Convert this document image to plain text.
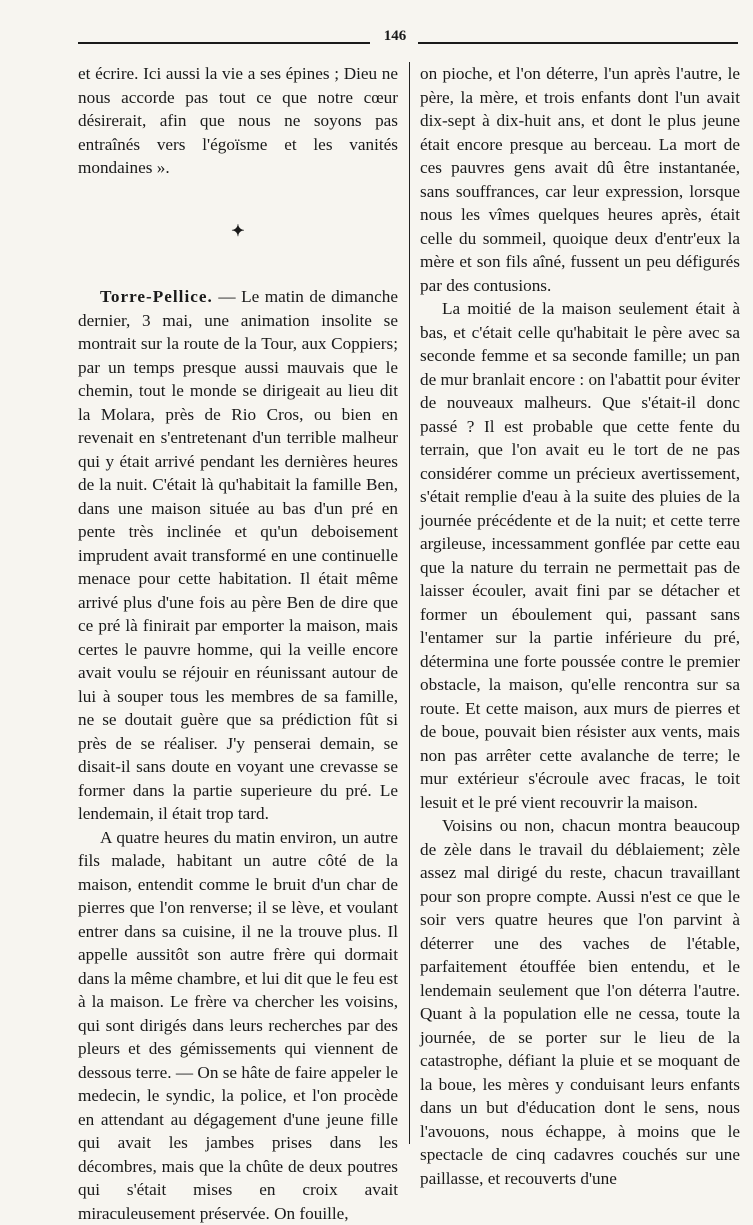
146

et écrire. Ici aussi la vie a ses épines ; Dieu ne nous accorde pas tout ce que notre cœur désirerait, afin que nous ne soyons pas entraînés vers l'égoïsme et les vanités mondaines ».

✦

Torre-Pellice. — Le matin de dimanche dernier, 3 mai, une animation insolite se montrait sur la route de la Tour, aux Coppiers; par un temps presque aussi mauvais que le chemin, tout le monde se dirigeait au lieu dit la Molara, près de Rio Cros, ou bien en revenait en s'entretenant d'un terrible malheur qui y était arrivé pendant les dernières heures de la nuit. C'était là qu'habitait la famille Ben, dans une maison située au bas d'un pré en pente très inclinée et qu'un deboisement imprudent avait transformé en une continuelle menace pour cette habitation. Il était même arrivé plus d'une fois au père Ben de dire que ce pré là finirait par emporter la maison, mais certes le pauvre homme, qui la veille encore avait voulu se réjouir en réunissant autour de lui à souper tous les membres de sa famille, ne se doutait guère que sa prédiction fût si près de se réaliser. J'y penserai demain, se disait-il sans doute en voyant une crevasse se former dans la partie superieure du pré. Le lendemain, il était trop tard.

A quatre heures du matin environ, un autre fils malade, habitant un autre côté de la maison, entendit comme le bruit d'un char de pierres que l'on renverse; il se lève, et voulant entrer dans sa cuisine, il ne la trouve plus. Il appelle aussitôt son autre frère qui dormait dans la même chambre, et lui dit que le feu est à la maison. Le frère va chercher les voisins, qui sont dirigés dans leurs recherches par des pleurs et des gémissements qui viennent de dessous terre. — On se hâte de faire appeler le medecin, le syndic, la police, et l'on procède en attendant au dégagement d'une jeune fille qui avait les jambes prises dans les décombres, mais que la chûte de deux poutres qui s'était mises en croix avait miraculeusement préservée. On fouille,

on pioche, et l'on déterre, l'un après l'autre, le père, la mère, et trois enfants dont l'un avait dix-sept à dix-huit ans, et dont le plus jeune était encore presque au berceau. La mort de ces pauvres gens avait dû être instantanée, sans souffrances, car leur expression, lorsque nous les vîmes quelques heures après, était celle du sommeil, quoique deux d'entr'eux la mère et son fils aîné, fussent un peu défigurés par des contusions.

La moitié de la maison seulement était à bas, et c'était celle qu'habitait le père avec sa seconde femme et sa seconde famille; un pan de mur branlait encore : on l'abattit pour éviter de nouveaux malheurs. Que s'était-il donc passé ? Il est probable que cette fente du terrain, que l'on avait eu le tort de ne pas considérer comme un précieux avertissement, s'était remplie d'eau à la suite des pluies de la journée précédente et de la nuit; et cette terre argileuse, incessamment gonflée par cette eau que la nature du terrain ne permettait pas de laisser écouler, avait fini par se détacher et former un éboulement qui, passant sans l'entamer sur la partie inférieure du pré, détermina une forte poussée contre le premier obstacle, la maison, qu'elle rencontra sur sa route. Et cette maison, aux murs de pierres et de boue, pouvait bien résister aux vents, mais non pas arrêter cette avalanche de terre; le mur extérieur s'écroule avec fracas, le toit lesuit et le pré vient recouvrir la maison.

Voisins ou non, chacun montra beaucoup de zèle dans le travail du déblaiement; zèle assez mal dirigé du reste, chacun travaillant pour son propre compte. Aussi n'est ce que le soir vers quatre heures que l'on parvint à déterrer une des vaches de l'étable, parfaitement étouffée bien entendu, et le lendemain seulement que l'on déterra l'autre. Quant à la population elle ne cessa, toute la journée, de se porter sur le lieu de la catastrophe, défiant la pluie et se moquant de la boue, les mères y conduisant leurs enfants dans un but d'éducation dont le sens, nous l'avouons, nous échappe, à moins que le spectacle de cinq cadavres couchés sur une paillasse, et recouverts d'une
